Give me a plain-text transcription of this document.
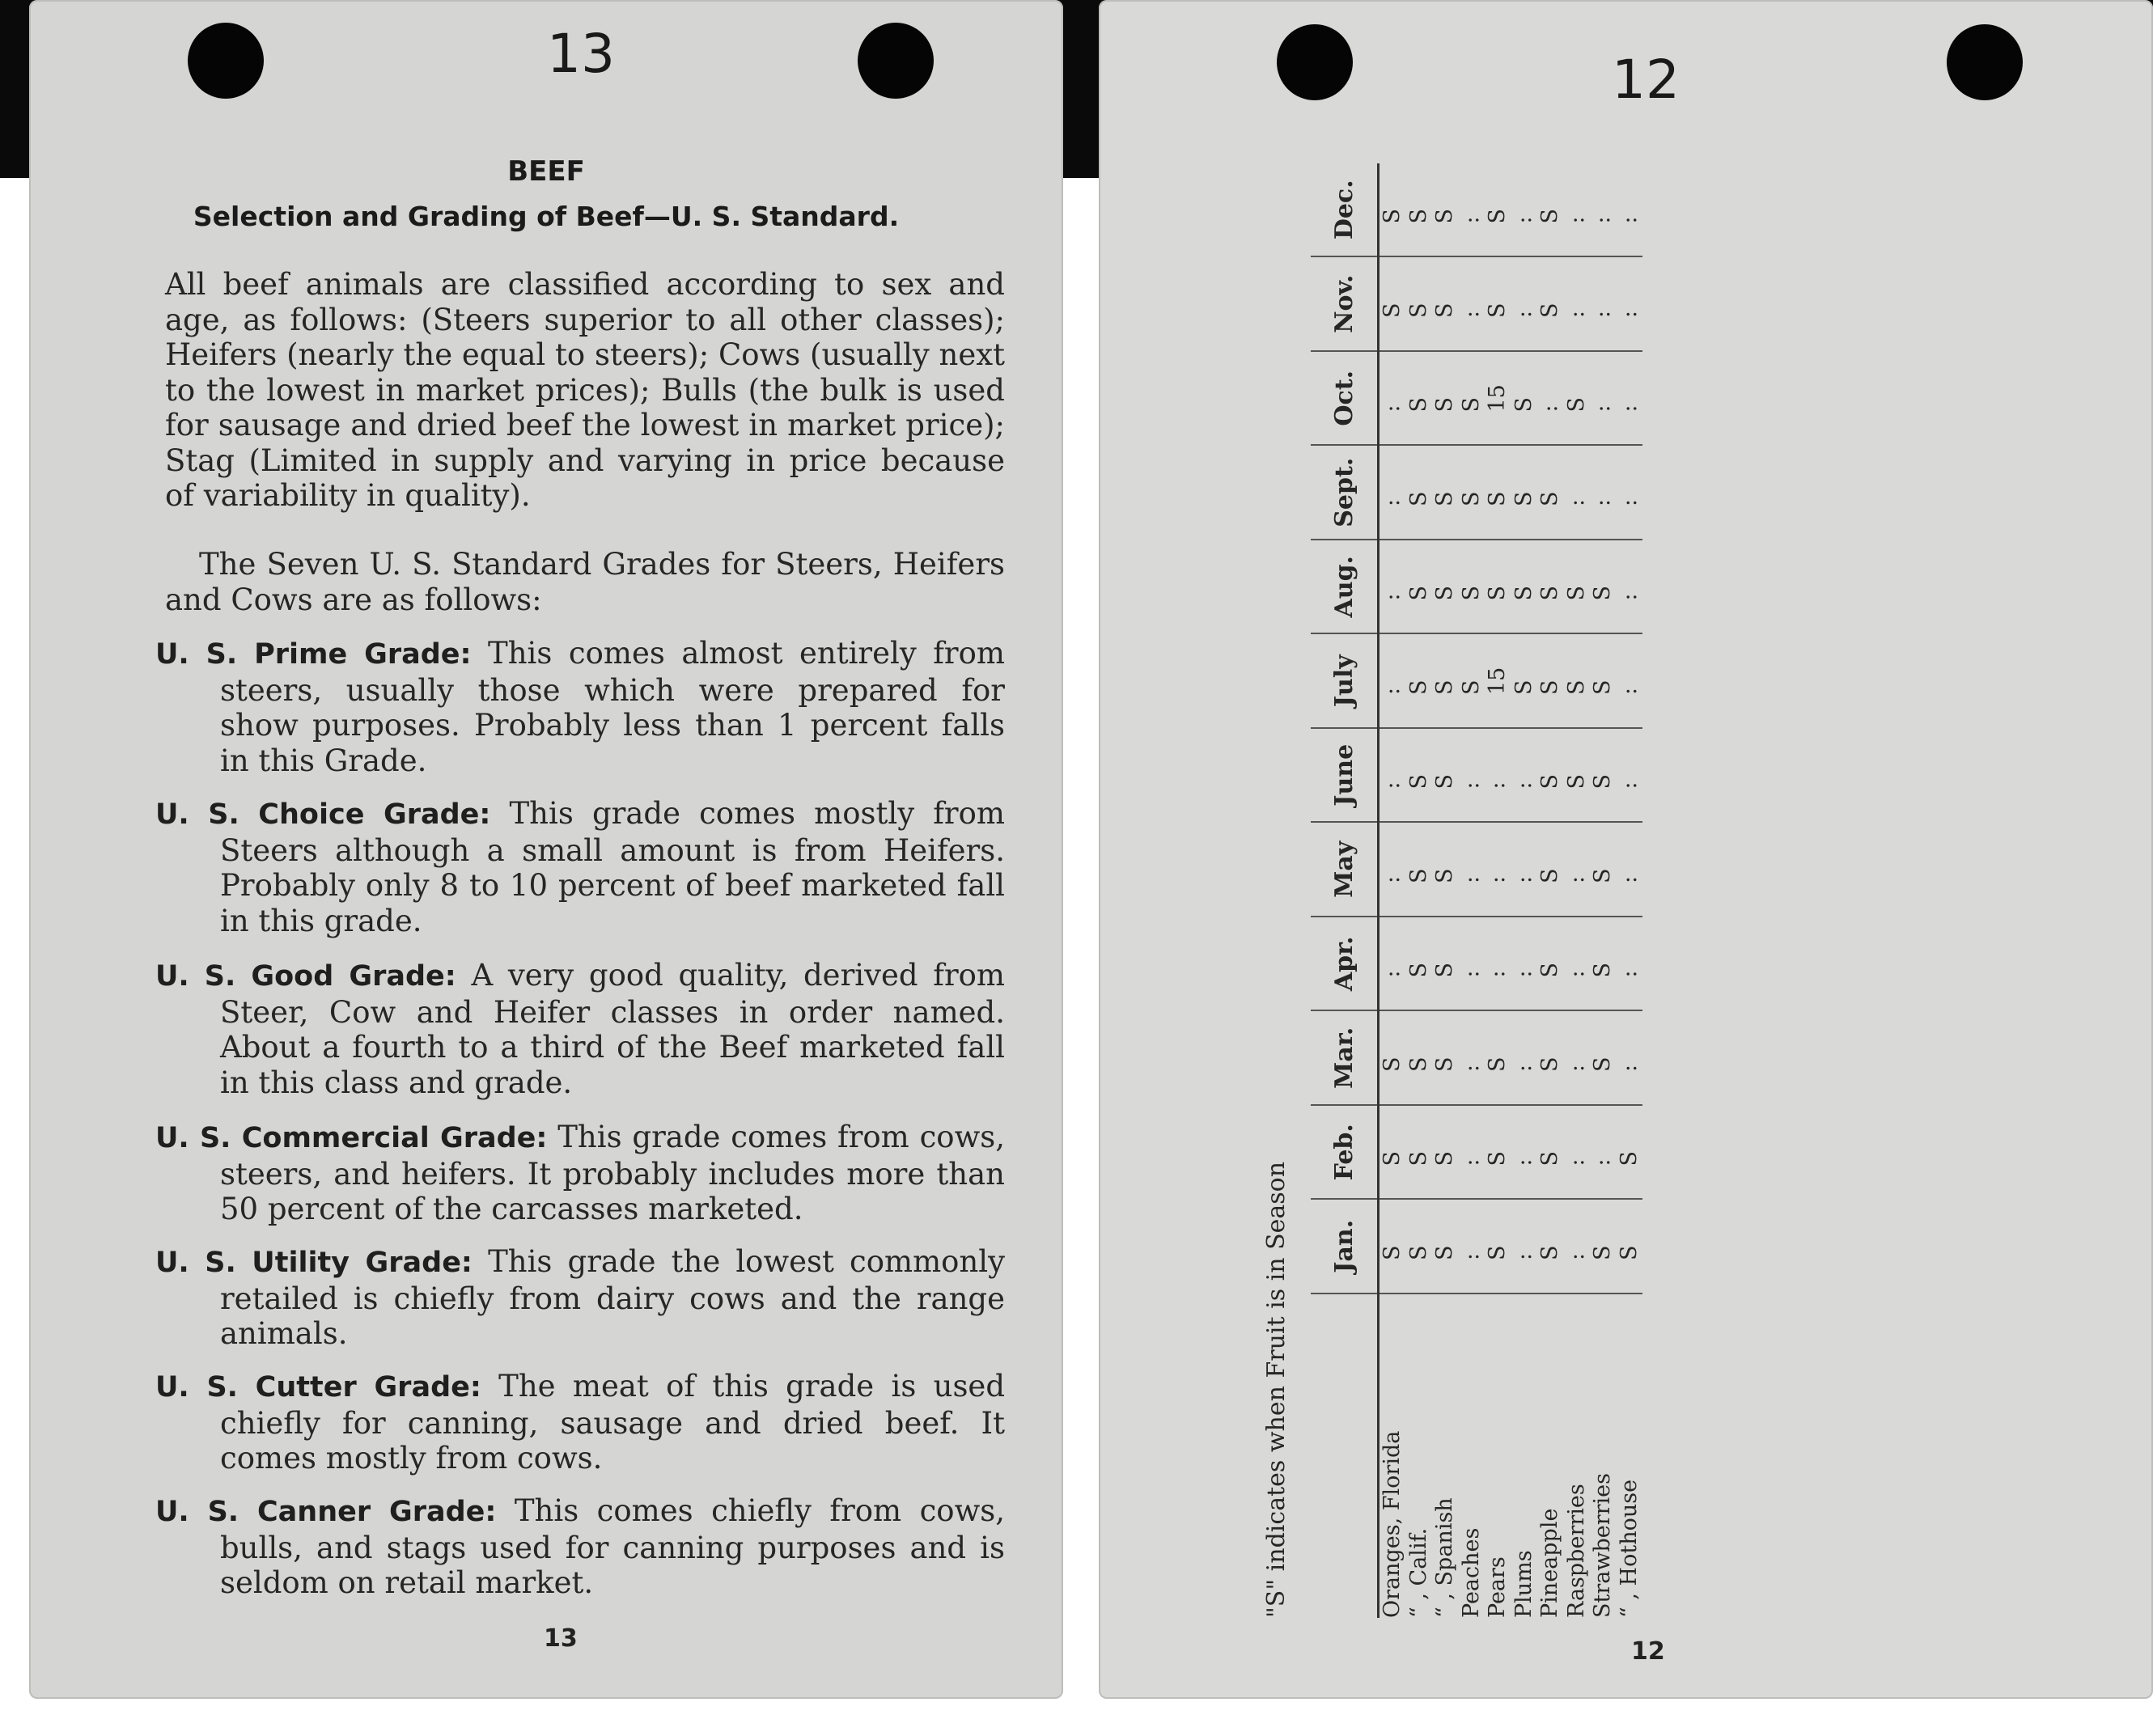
13
BEEF
Selection and Grading of Beef—U. S. Standard.
All beef animals are classified according to sex and age, as follows: (Steers superior to all other classes); Heifers (nearly the equal to steers); Cows (usually next to the lowest in market prices); Bulls (the bulk is used for sausage and dried beef the lowest in market price); Stag (Limited in supply and varying in price because of variability in quality).
The Seven U. S. Standard Grades for Steers, Heifers and Cows are as follows:
U. S. Prime Grade: This comes almost entirely from steers, usually those which were prepared for show purposes. Probably less than 1 percent falls in this Grade.
U. S. Choice Grade: This grade comes mostly from Steers although a small amount is from Heifers. Probably only 8 to 10 percent of beef marketed fall in this grade.
U. S. Good Grade: A very good quality, derived from Steer, Cow and Heifer classes in order named. About a fourth to a third of the Beef marketed fall in this class and grade.
U. S. Commercial Grade: This grade comes from cows, steers, and heifers. It probably includes more than 50 percent of the carcasses marketed.
U. S. Utility Grade: This grade the lowest commonly retailed is chiefly from dairy cows and the range animals.
U. S. Cutter Grade: The meat of this grade is used chiefly for canning, sausage and dried beef. It comes mostly from cows.
U. S. Canner Grade: This comes chiefly from cows, bulls, and stags used for canning purposes and is seldom on retail market.
13
12
12
"S" indicates when Fruit is in Season
	Jan.	Feb.	Mar.	Apr.	May	June	July	Aug.	Sept.	Oct.	Nov.	Dec.
Oranges, Florida	S	S	S	:	:	:	:	:	:	:	S	S
“ , Calif.	S	S	S	S	S	S	S	S	S	S	S	S
“ , Spanish	S	S	S	S	S	S	S	S	S	S	S	S
Peaches	:	:	:	:	:	:	S	S	S	S	:	:
Pears	S	S	S	:	:	:	15	S	S	15	S	S
Plums	:	:	:	:	:	:	S	S	S	S	:	:
Pineapple	S	S	S	S	S	S	S	S	S	:	S	S
Raspberries	:	:	:	:	:	S	S	S	:	S	:	:
Strawberries	S	:	S	S	S	S	S	S	:	:	:	:
“ , Hothouse	S	S	:	:	:	:	:	:	:	:	:	:
